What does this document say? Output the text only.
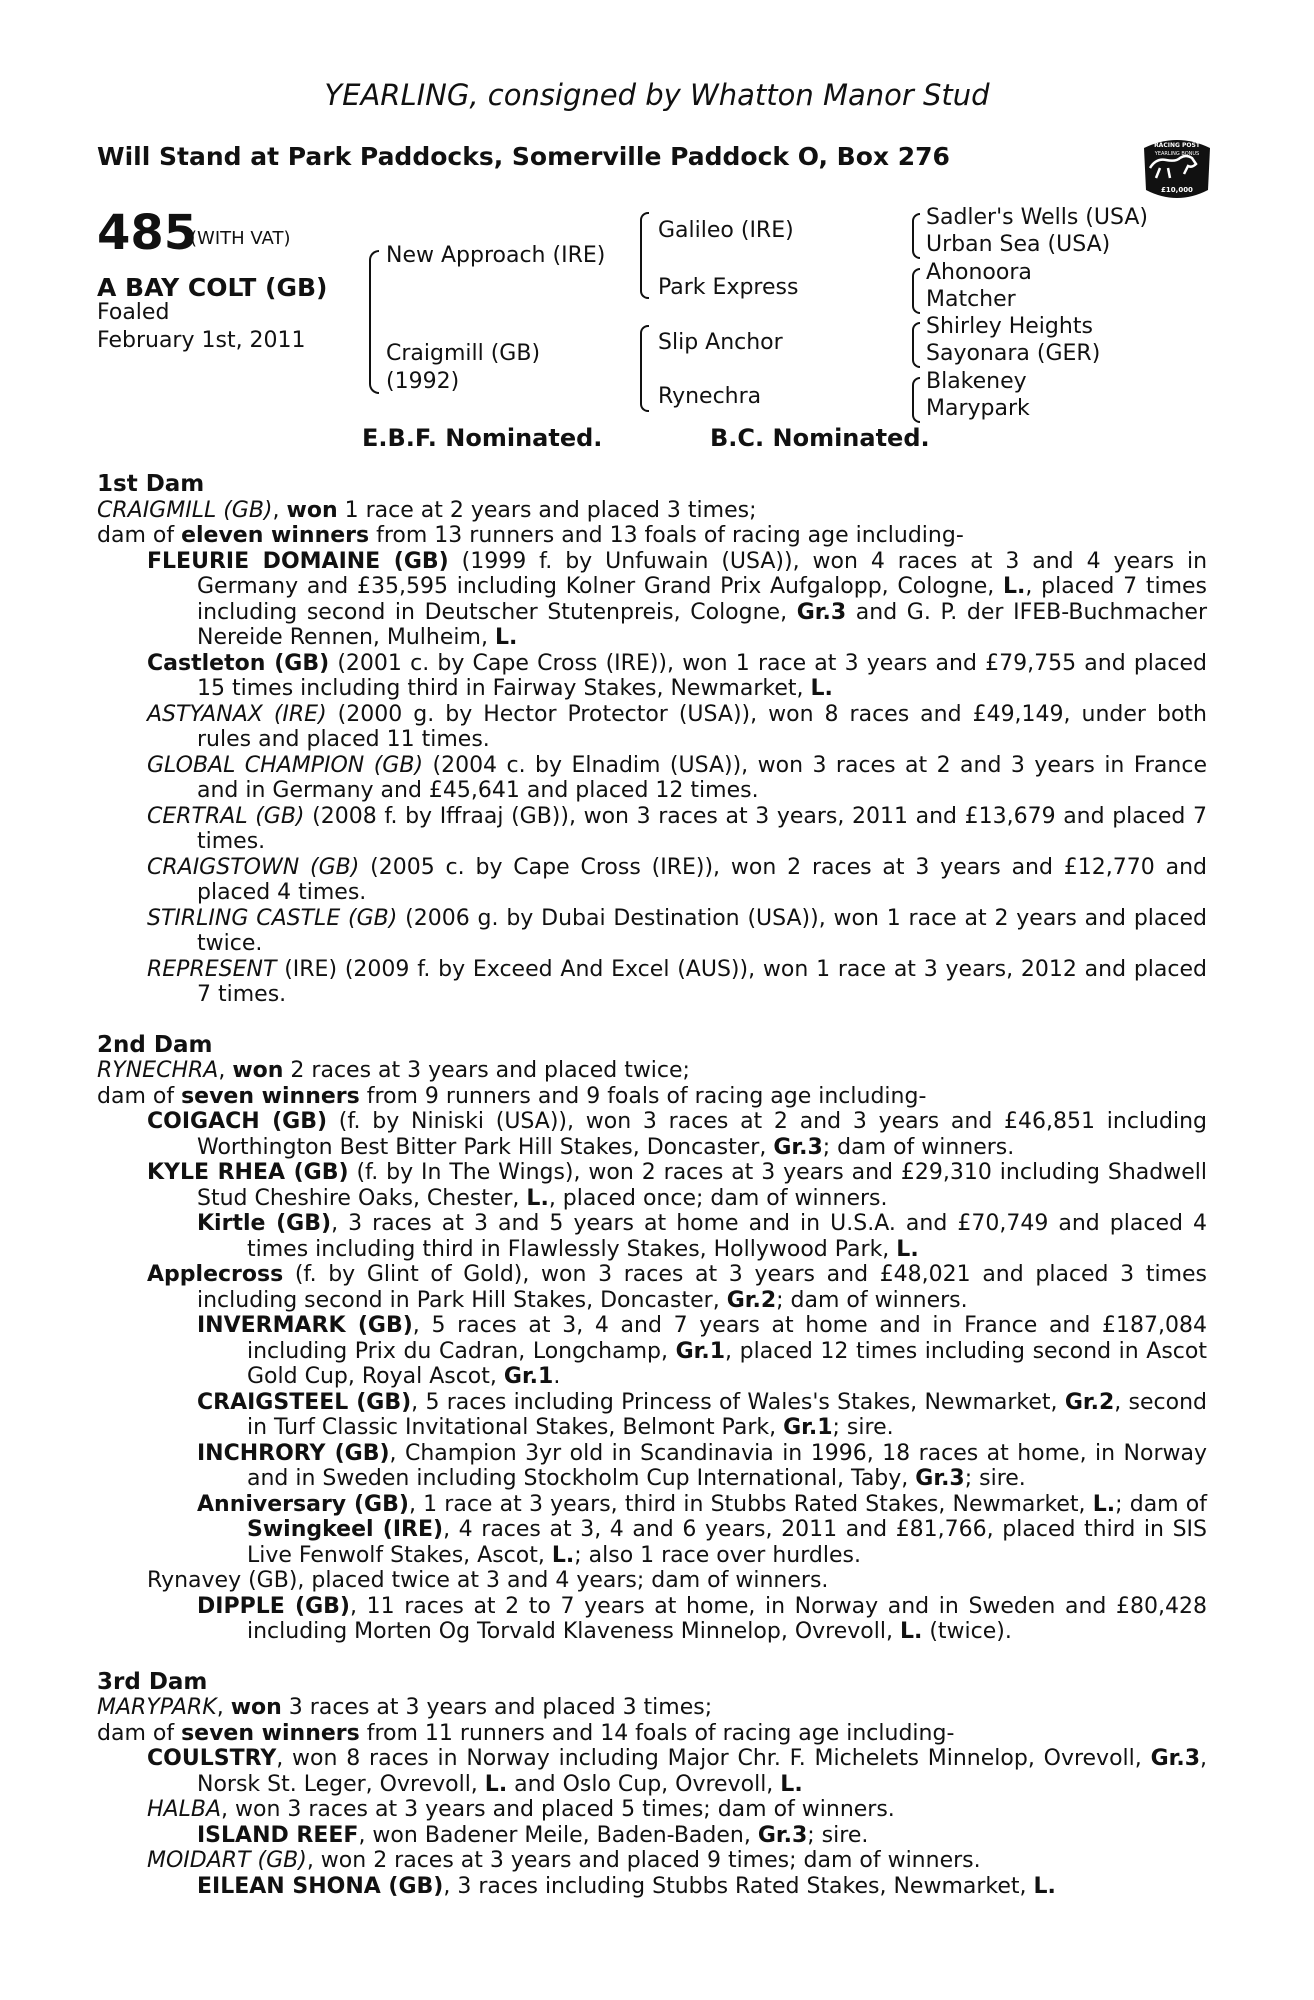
YEARLING, consigned by Whatton Manor Stud
Will Stand at Park Paddocks, Somerville Paddock O, Box 276	RACING POST
YEARLING BONUS
£10,000
485
(WITH VAT)
A BAY COLT (GB)
Foaled
February 1st, 2011
New Approach (IRE)
Craigmill (GB)
(1992)
Galileo (IRE)
Park Express
Slip Anchor
Rynechra
Sadler's Wells (USA)
Urban Sea (USA)
Ahonoora
Matcher
Shirley Heights
Sayonara (GER)
Blakeney
Marypark
E.B.F. Nominated.	B.C. Nominated.

1st Dam

CRAIGMILL (GB), won 1 race at 2 years and placed 3 times;

dam of eleven winners from 13 runners and 13 foals of racing age including-

FLEURIE DOMAINE (GB) (1999 f. by Unfuwain (USA)), won 4 races at 3 and 4 years in Germany and £35,595 including Kolner Grand Prix Aufgalopp, Cologne, L., placed 7 times including second in Deutscher Stutenpreis, Cologne, Gr.3 and G. P. der IFEB-Buchmacher Nereide Rennen, Mulheim, L.

Castleton (GB) (2001 c. by Cape Cross (IRE)), won 1 race at 3 years and £79,755 and placed 15 times including third in Fairway Stakes, Newmarket, L.

ASTYANAX (IRE) (2000 g. by Hector Protector (USA)), won 8 races and £49,149, under both rules and placed 11 times.

GLOBAL CHAMPION (GB) (2004 c. by Elnadim (USA)), won 3 races at 2 and 3 years in France and in Germany and £45,641 and placed 12 times.

CERTRAL (GB) (2008 f. by Iffraaj (GB)), won 3 races at 3 years, 2011 and £13,679 and placed 7 times.

CRAIGSTOWN (GB) (2005 c. by Cape Cross (IRE)), won 2 races at 3 years and £12,770 and placed 4 times.

STIRLING CASTLE (GB) (2006 g. by Dubai Destination (USA)), won 1 race at 2 years and placed twice.

REPRESENT (IRE) (2009 f. by Exceed And Excel (AUS)), won 1 race at 3 years, 2012 and placed 7 times.

2nd Dam

RYNECHRA, won 2 races at 3 years and placed twice;

dam of seven winners from 9 runners and 9 foals of racing age including-

COIGACH (GB) (f. by Niniski (USA)), won 3 races at 2 and 3 years and £46,851 including Worthington Best Bitter Park Hill Stakes, Doncaster, Gr.3; dam of winners.

KYLE RHEA (GB) (f. by In The Wings), won 2 races at 3 years and £29,310 including Shadwell Stud Cheshire Oaks, Chester, L., placed once; dam of winners.

Kirtle (GB), 3 races at 3 and 5 years at home and in U.S.A. and £70,749 and placed 4 times including third in Flawlessly Stakes, Hollywood Park, L.

Applecross (f. by Glint of Gold), won 3 races at 3 years and £48,021 and placed 3 times including second in Park Hill Stakes, Doncaster, Gr.2; dam of winners.

INVERMARK (GB), 5 races at 3, 4 and 7 years at home and in France and £187,084 including Prix du Cadran, Longchamp, Gr.1, placed 12 times including second in Ascot Gold Cup, Royal Ascot, Gr.1.

CRAIGSTEEL (GB), 5 races including Princess of Wales's Stakes, Newmarket, Gr.2, second in Turf Classic Invitational Stakes, Belmont Park, Gr.1; sire.

INCHRORY (GB), Champion 3yr old in Scandinavia in 1996, 18 races at home, in Norway and in Sweden including Stockholm Cup International, Taby, Gr.3; sire.

Anniversary (GB), 1 race at 3 years, third in Stubbs Rated Stakes, Newmarket, L.; dam of Swingkeel (IRE), 4 races at 3, 4 and 6 years, 2011 and £81,766, placed third in SIS Live Fenwolf Stakes, Ascot, L.; also 1 race over hurdles.

Rynavey (GB), placed twice at 3 and 4 years; dam of winners.

DIPPLE (GB), 11 races at 2 to 7 years at home, in Norway and in Sweden and £80,428 including Morten Og Torvald Klaveness Minnelop, Ovrevoll, L. (twice).

3rd Dam

MARYPARK, won 3 races at 3 years and placed 3 times;

dam of seven winners from 11 runners and 14 foals of racing age including-

COULSTRY, won 8 races in Norway including Major Chr. F. Michelets Minnelop, Ovrevoll, Gr.3, Norsk St. Leger, Ovrevoll, L. and Oslo Cup, Ovrevoll, L.

HALBA, won 3 races at 3 years and placed 5 times; dam of winners.

ISLAND REEF, won Badener Meile, Baden-Baden, Gr.3; sire.

MOIDART (GB), won 2 races at 3 years and placed 9 times; dam of winners.

EILEAN SHONA (GB), 3 races including Stubbs Rated Stakes, Newmarket, L.
